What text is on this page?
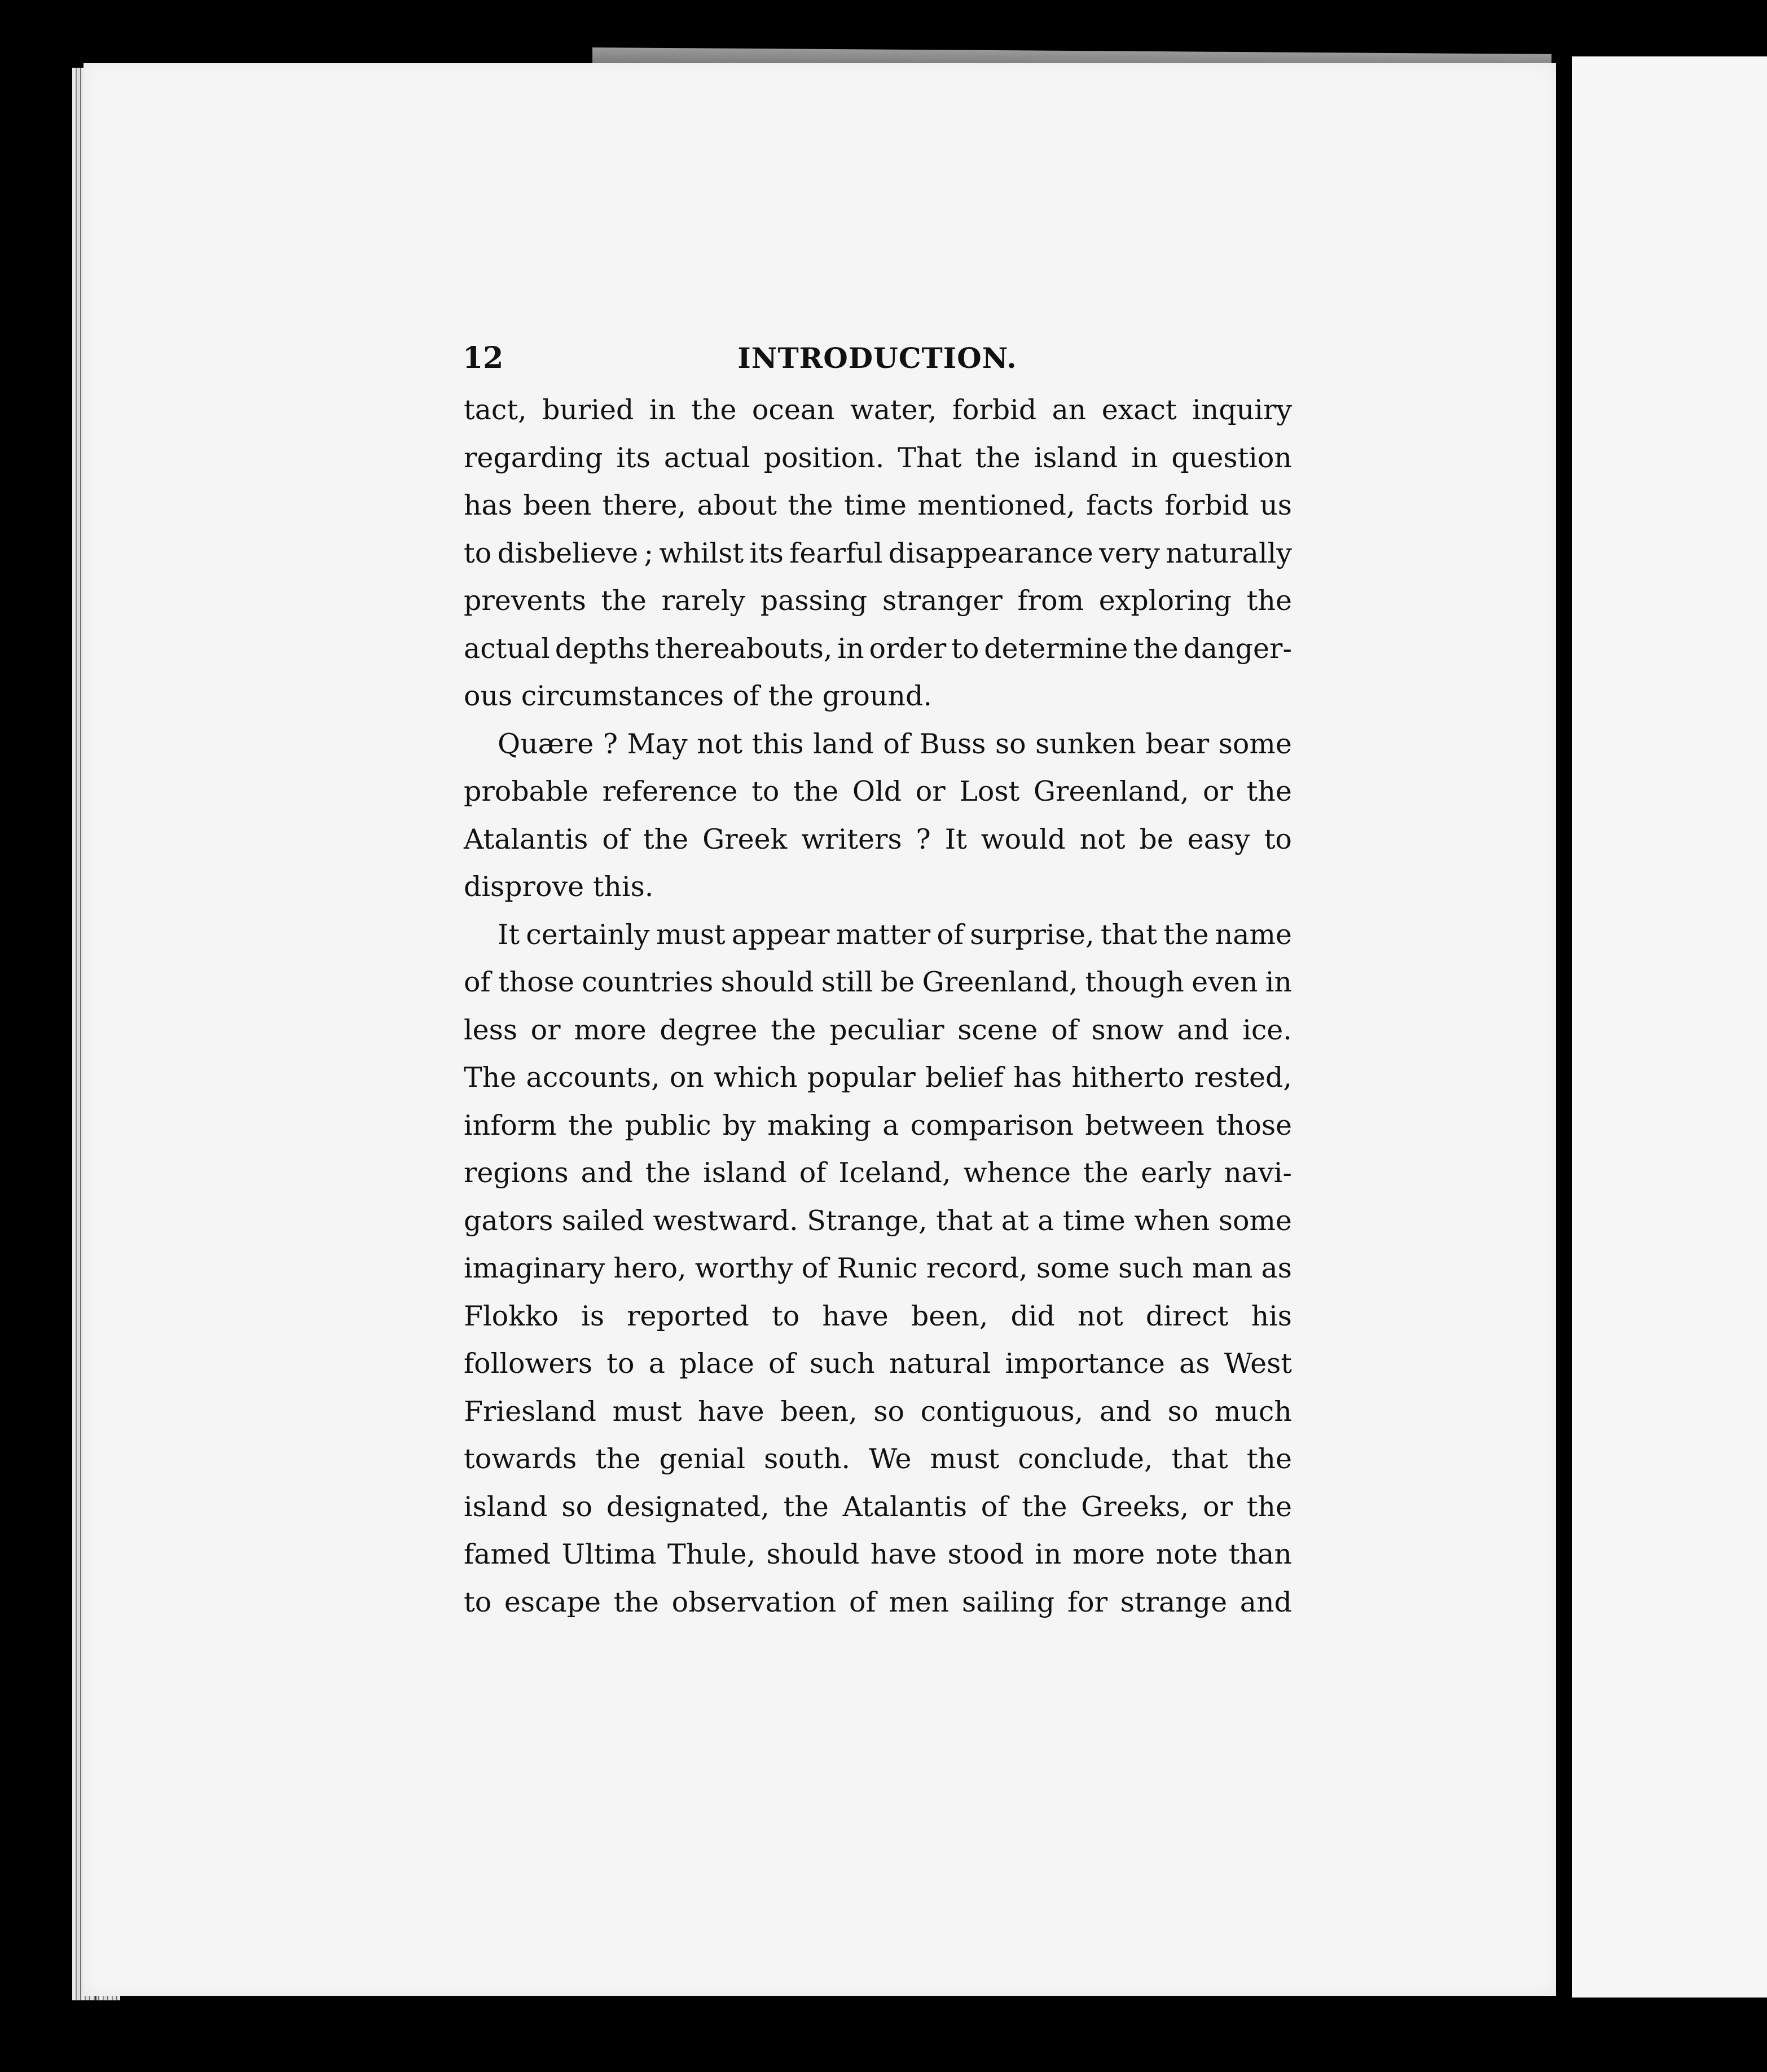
12	INTRODUCTION.
tact, buried in the ocean water, forbid an exact inquiry
regarding its actual position. That the island in question
has been there, about the time mentioned, facts forbid us
to disbelieve ; whilst its fearful disappearance very naturally
prevents the rarely passing stranger from exploring the
actual depths thereabouts, in order to determine the danger-
ous circumstances of the ground.
Quære ? May not this land of Buss so sunken bear some
probable reference to the Old or Lost Greenland, or the
Atalantis of the Greek writers ? It would not be easy to
disprove this.
It certainly must appear matter of surprise, that the name
of those countries should still be Greenland, though even in
less or more degree the peculiar scene of snow and ice.
The accounts, on which popular belief has hitherto rested,
inform the public by making a comparison between those
regions and the island of Iceland, whence the early navi-
gators sailed westward. Strange, that at a time when some
imaginary hero, worthy of Runic record, some such man as
Flokko is reported to have been, did not direct his
followers to a place of such natural importance as West
Friesland must have been, so contiguous, and so much
towards the genial south. We must conclude, that the
island so designated, the Atalantis of the Greeks, or the
famed Ultima Thule, should have stood in more note than
to escape the observation of men sailing for strange and
